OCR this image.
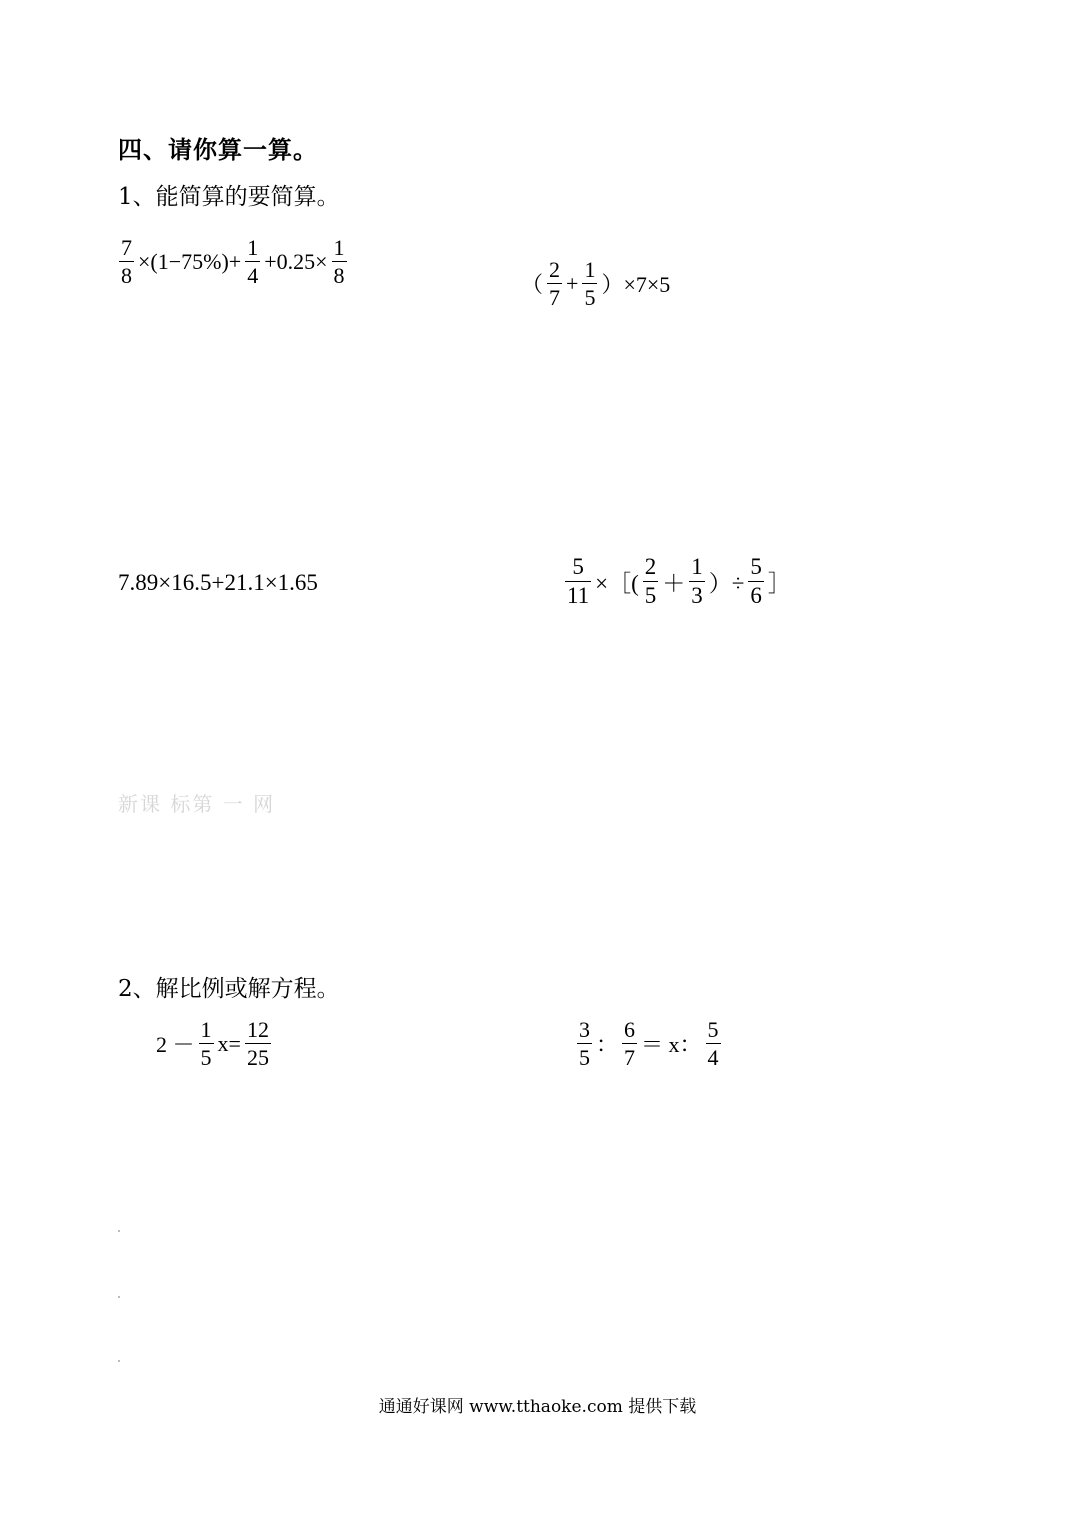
四、请你算一算。
1、能简算的要简算。
$\frac{7}{8} \times(1-75\%)+ \frac{1}{4} +0.25\times \frac{1}{8}$	（ $\frac{2}{7} + \frac{1}{5} )\times 7\times 5$
7.89×16.5+21.1×1.65	$\frac{5}{11}$ ×［( $\frac{2}{5} + \frac{1}{3}$ ）÷ $\frac{5}{6}$ ］
新课 标第 一 网
2、解比例或解方程。
$2 - \frac{1}{5} x= \frac{12}{25}$	$\frac{3}{5}$ ： $\frac{6}{7} = x$： $\frac{5}{4}$
通通好课网 www.tthaoke.com 提供下载
